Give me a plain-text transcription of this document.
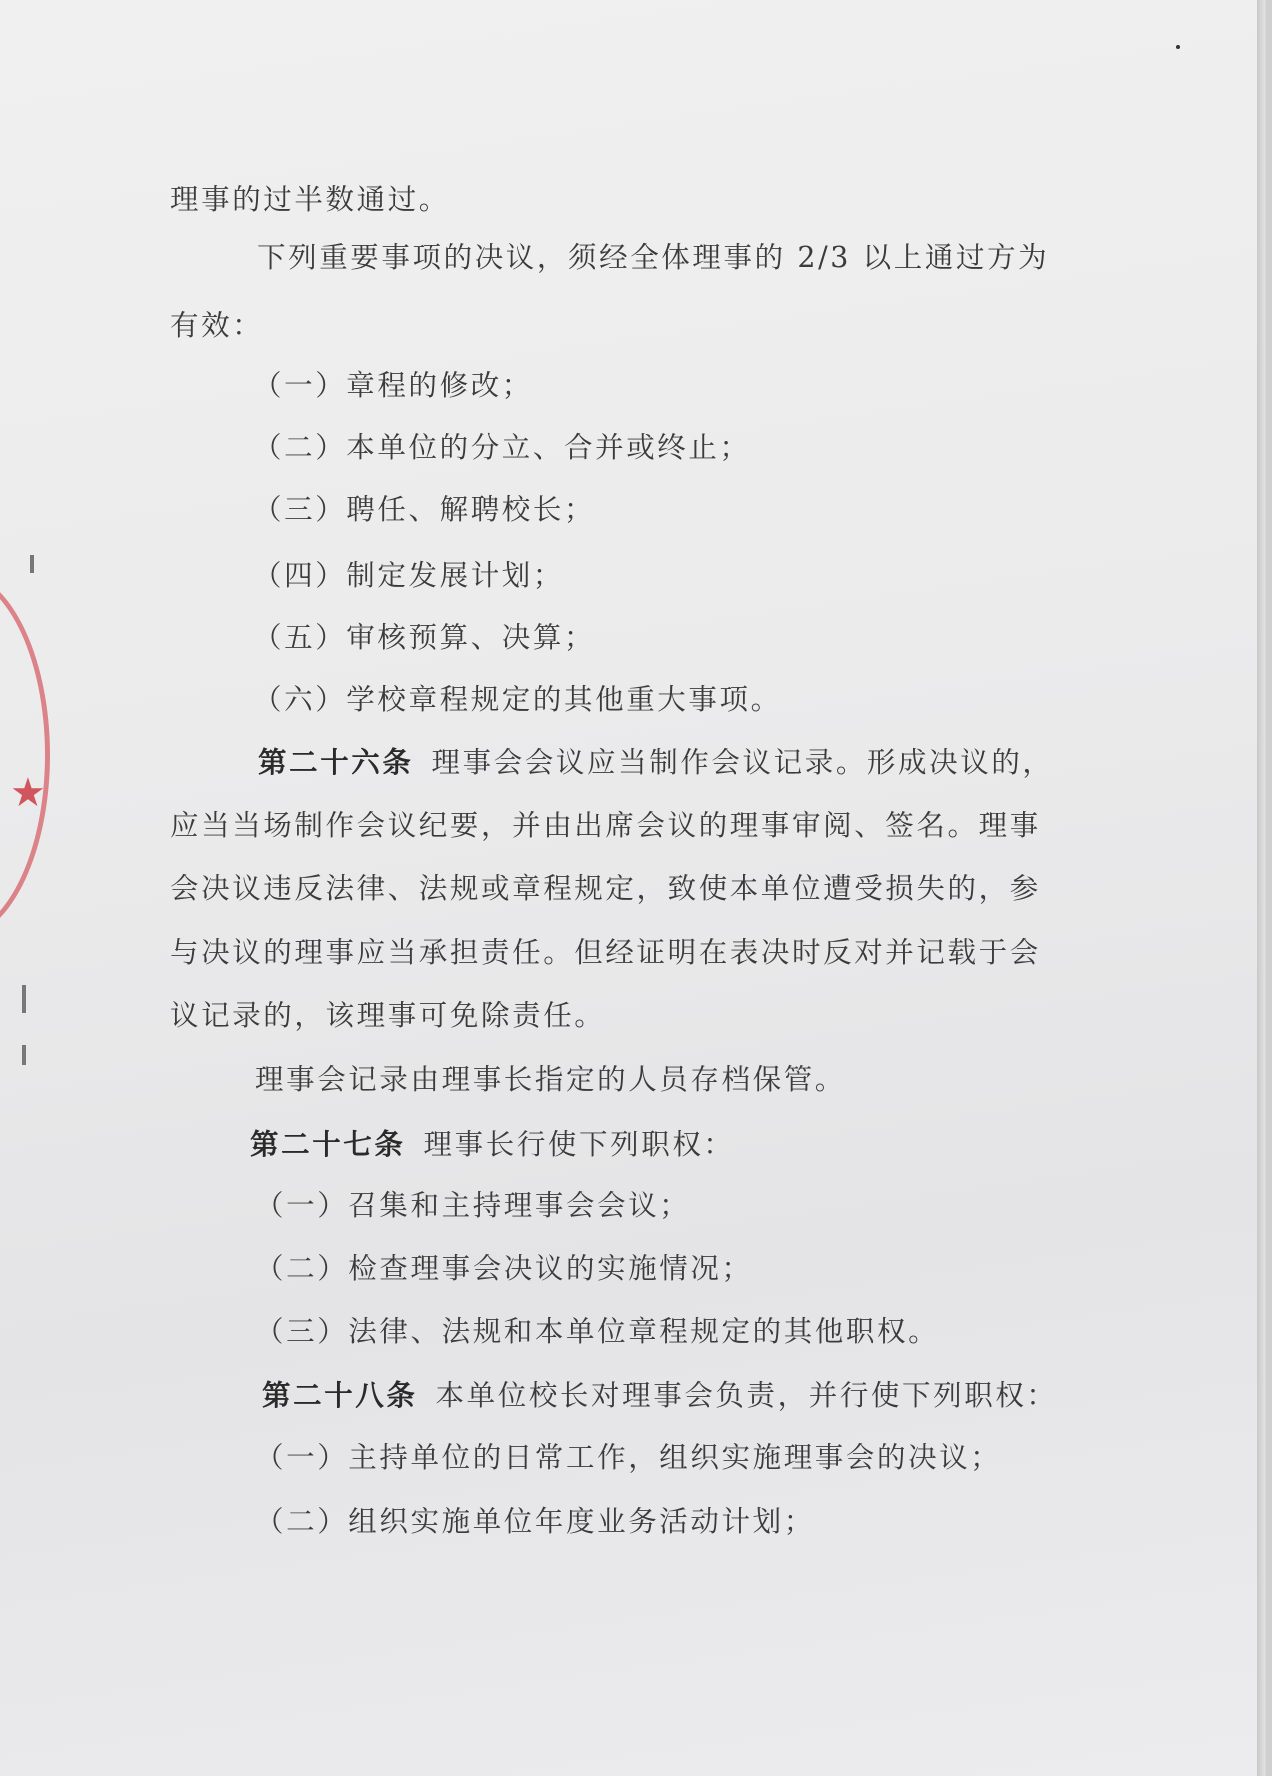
★

理事的过半数通过。

下列重要事项的决议，须经全体理事的 2/3 以上通过方为

有效：

（一）章程的修改；

（二）本单位的分立、合并或终止；

（三）聘任、解聘校长；

（四）制定发展计划；

（五）审核预算、决算；

（六）学校章程规定的其他重大事项。

第二十六条 理事会会议应当制作会议记录。形成决议的，

应当当场制作会议纪要，并由出席会议的理事审阅、签名。理事

会决议违反法律、法规或章程规定，致使本单位遭受损失的，参

与决议的理事应当承担责任。但经证明在表决时反对并记载于会

议记录的，该理事可免除责任。

理事会记录由理事长指定的人员存档保管。

第二十七条 理事长行使下列职权：

（一）召集和主持理事会会议；

（二）检查理事会决议的实施情况；

（三）法律、法规和本单位章程规定的其他职权。

第二十八条 本单位校长对理事会负责，并行使下列职权：

（一）主持单位的日常工作，组织实施理事会的决议；

（二）组织实施单位年度业务活动计划；
